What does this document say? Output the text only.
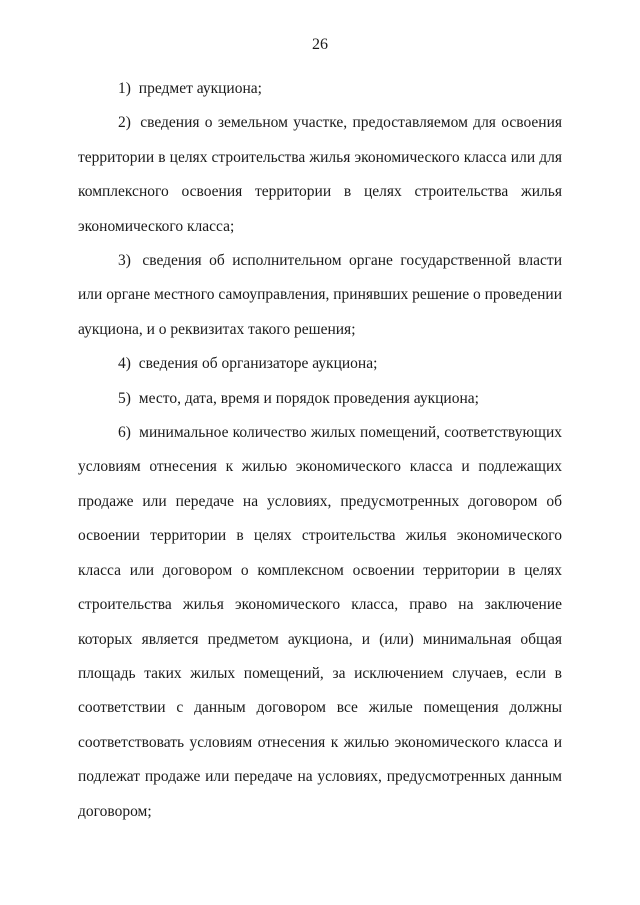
26

1) предмет аукциона;

2) сведения о земельном участке, предоставляемом для освоения территории в целях строительства жилья экономического класса или для комплексного освоения территории в целях строительства жилья экономического класса;

3) сведения об исполнительном органе государственной власти или органе местного самоуправления, принявших решение о проведении аукциона, и о реквизитах такого решения;

4) сведения об организаторе аукциона;

5) место, дата, время и порядок проведения аукциона;

6) минимальное количество жилых помещений, соответствующих условиям отнесения к жилью экономического класса и подлежащих продаже или передаче на условиях, предусмотренных договором об освоении территории в целях строительства жилья экономического класса или договором о комплексном освоении территории в целях строительства жилья экономического класса, право на заключение которых является предметом аукциона, и (или) минимальная общая площадь таких жилых помещений, за исключением случаев, если в соответствии с данным договором все жилые помещения должны соответствовать условиям отнесения к жилью экономического класса и подлежат продаже или передаче на условиях, предусмотренных данным договором;
